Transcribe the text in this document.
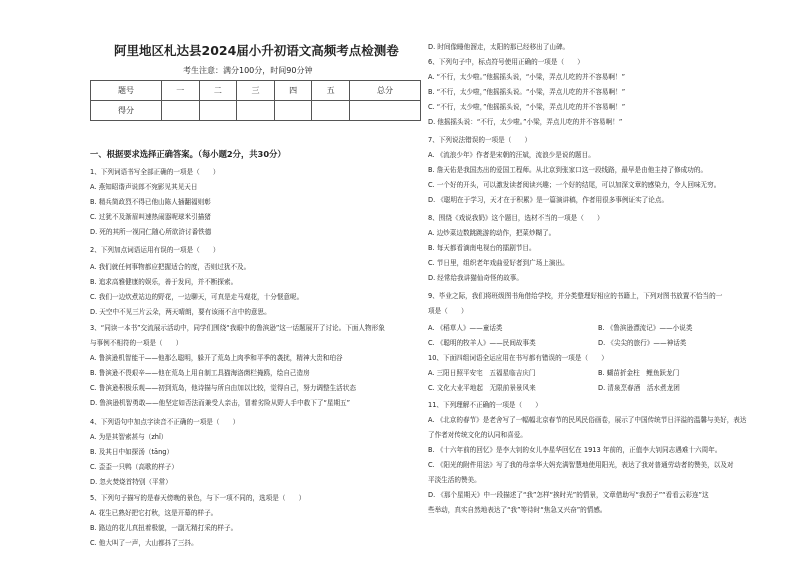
阿里地区札达县2024届小升初语文高频考点检测卷
考生注意：满分100分，时间90分钟
题号	一	二	三	四	五	总分
得分						
一、根据要求选择正确答案。（每小题2分，共30分）
1、下列词语书写全部正确的一项是（　　）
A. 燕知昭谐声说郎不宛影见其见天日
B. 精兵简政烈不得已他山陈人插翻福则彰
C. 过犹不及渐眉叫速热闹器呢球米引描猪
D. 死的其所一视同仁随心所欲浒讨番铁德
2、下列加点词语运用有误的一项是（　　）
A. 我们就任何事物都应把握适合的度，否则过犹不及。
B. 追求高雅健康的娱乐，善于发问，并不断探索。
C. 我们一边炊煮站边的野花，一边聊天，可真是走马观花，十分惬意呢。
D. 天空中不见三片云朵，两天晴朗，要有该雨不言中的意思。
3、“同读一本书”交流展示活动中，同学们围绕“我眼中的鲁滨逊”这一话题展开了讨论。下面人物形象
与事例不相符的一项是（　　）
A. 鲁滨逊机智能干——他那么聪明，躲开了荒岛上肉季和平季的袭扰，精神大贵和珀谷
B. 鲁滨逊不畏艰辛——他在荒岛上用自制工具猫海洛菌栏掩鸥，绘自己造房
C. 鲁滨逊积极乐观——初到荒岛，他诗描与所自由加以比较，觉得自己，努力调整生活状态
D. 鲁滨逊机智勇敢——他坚定如否法而兼受人亲击，冒着劣险从野人手中救下了“星期五”
4、下列语句中加点字读音不正确的一项是（　　）
A. 为是其智索甚与（zhǐ）
B. 及其日中如探汤（tāng）
C. 歪歪一只鸭（高歌的样子）
D. 忽火焚烧首特别（平常）
5、下列句子描写的是春天傍晚的景色，与下一项不同的，选项是（　　）
A. 花生已熟好把它打秋，这是开幕的样子。
B. 路边的花儿真扭着极貌，一副无精打采的样子。
C. 他大叫了一声，大山都抖了三抖。
D. 时间像睡他溜走，太阳的那已经移出了山碑。
6、下列句子中，标点符号使用正确的一项是（　　）
A. “不行，太少啦。”他摇摇头说，“小梁，弄点儿吃的并不容易啊！”
B. “不行，太少啦，”他摇摇头说。“小梁，弄点儿吃的并不容易啊！”
C. “不行，太少啦，”他摇摇头说，“小梁，弄点儿吃的并不容易啊！”
D. 他摇摇头说：“不行，太少啦。”小梁，弄点儿吃的并不容易啊！”
7、下列说法错误的一项是（　　）
A. 《流浪少年》作者是宋朝的汪斌，流浪少是说的题目。
B. 詹天佑是我国杰出的爱国工程师。从北京到张家口这一段线路，最早是由他主持了修成功的。
C. 一个好的开头，可以激发读者阅读兴趣；一个好的结尾，可以加深文章的感染力，令人回味无穷。
D. 《聪明在于学习，天才在于积累》是一篇演讲稿，作者用很多事例证实了论点。
8、围绕《戏说我奶》这个题目，选材不当的一项是（　　）
A. 边炒菜边数跳跳游的动作，把菜炒糊了。
B. 每天都看滴南电视台的擂剧节目。
C. 节日里，组织老年戏曲爱好者到广场上演出。
D. 经常给我讲猫仙奇怪的故事。
9、毕业之际，我们将班级图书角借给学校，并分类整理好相应的书籍上，下列对图书放置不恰当的一
项是（　　）
A. 《稻草人》——童话类	B. 《鲁滨逊漂流记》——小说类
C. 《聪明的牧羊人》——民间故事类	D. 《尖尖的旅行》——神话类
10、下面四组词语全运应用在书写都有错误的一项是（　　）
A. 三阳日照平安宅　五福星临吉庆门	B. 蝴苗折金柱　鲤鱼跃龙门
C. 文化大业平地起　无限前景景风来	D. 清泉烹春酒　活水煮龙团
11、下列理解不正确的一项是（　　）
A. 《北京的春节》是老舍写了一幅幅北京春节的民风民俗画卷，展示了中国传统节日洋溢的温馨与美好，表达
了作者对传统文化的认同和喜爱。
B. 《十六年前的回忆》是李大钊的女儿李星华回忆在 1913 年前的，正值李大钊同志遇难十六周年。
C. 《阳光的附件用法》写了我的母亲华大妈充满智慧地使用阳光，表达了我对普通劳动者的赞美，以及对
平淡生活的赞美。
D. 《那个星期天》中一段描述了“我”怎样“挨时光”的情景，文章借助写“我拐子”“看看云彩连”这
些举动，真实自然地表达了“我”等待时“焦急又兴奋”的情感。
